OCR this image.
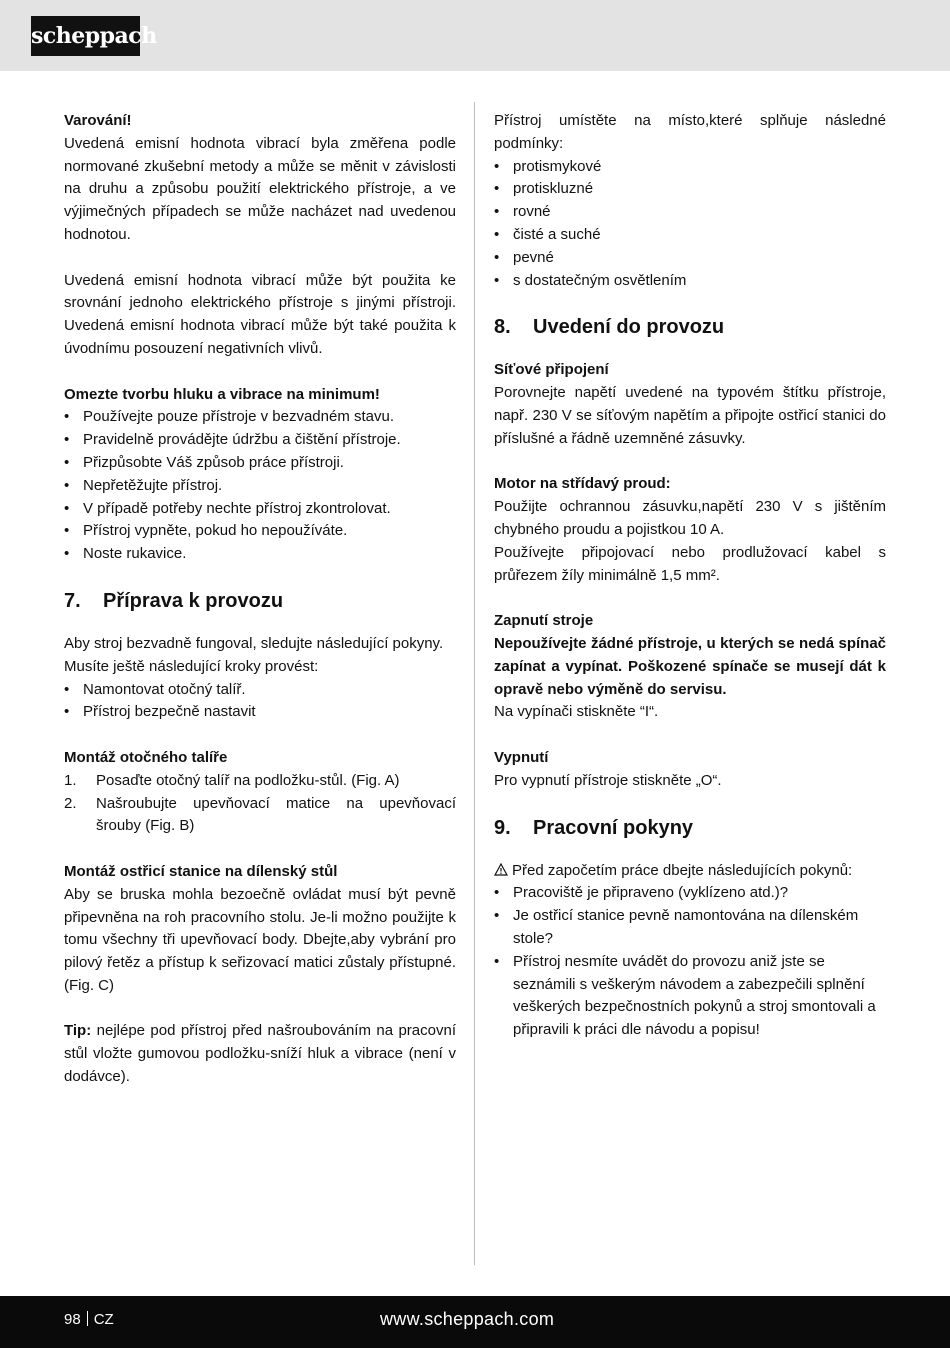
scheppach

Varování!

Uvedená emisní hodnota vibrací byla změřena podle normované zkušební metody a může se měnit v závislosti na druhu a způsobu použití elektrického přístroje, a ve výjimečných případech se může nacházet nad uvedenou hodnotou.

Uvedená emisní hodnota vibrací může být použita ke srovnání jednoho elektrického přístroje s jinými přístroji. Uvedená emisní hodnota vibrací může být také použita k úvodnímu posouzení negativních vlivů.

Omezte tvorbu hluku a vibrace na minimum!

• Používejte pouze přístroje v bezvadném stavu.
• Pravidelně provádějte údržbu a čištění přístroje.
• Přizpůsobte Váš způsob práce přístroji.
• Nepřetěžujte přístroj.
• V případě potřeby nechte přístroj zkontrolovat.
• Přístroj vypněte, pokud ho nepoužíváte.
• Noste rukavice.
7. Příprava k provozu

Aby stroj bezvadně fungoval, sledujte následující pokyny.

Musíte ještě následující kroky provést:

• Namontovat otočný talíř.
• Přístroj bezpečně nastavit

Montáž otočného talíře

1. Posaďte otočný talíř na podložku-stůl. (Fig. A)
2. Našroubujte upevňovací matice na upevňovací šrouby (Fig. B)

Montáž ostřicí stanice na dílenský stůl

Aby se bruska mohla bezoečně ovládat musí být pevně připevněna na roh pracovního stolu. Je-li možno použijte k tomu všechny tři upevňovací body. Dbejte,aby vybrání pro pilový řetěz a přístup k seřizovací matici zůstaly přístupné. (Fig. C)

Tip: nejlépe pod přístroj před našroubováním na pracovní stůl vložte gumovou podložku-sníží hluk a vibrace (není v dodávce).

Přístroj umístěte na místo,které splňuje následné podmínky:

• protismykové
• protiskluzné
• rovné
• čisté a suché
• pevné
• s dostatečným osvětlením
8. Uvedení do provozu

Síťové připojení

Porovnejte napětí uvedené na typovém štítku přístroje, např. 230 V se síťovým napětím a připojte ostřicí stanici do příslušné a řádně uzemněné zásuvky.

Motor na střídavý proud:

Použijte ochrannou zásuvku,napětí 230 V s jištěním chybného proudu a pojistkou 10 A.

Používejte připojovací nebo prodlužovací kabel s průřezem žíly minimálně 1,5 mm².

Zapnutí stroje

Nepoužívejte žádné přístroje, u kterých se nedá spínač zapínat a vypínat. Poškozené spínače se musejí dát k opravě nebo výměně do servisu.

Na vypínači stiskněte “I“.

Vypnutí

Pro vypnutí přístroje stiskněte „O“.

9. Pracovní pokyny

Před započetím práce dbejte následujících pokynů:

• Pracoviště je připraveno (vyklízeno atd.)?
• Je ostřicí stanice pevně namontována na dílenském stole?
• Přístroj nesmíte uvádět do provozu aniž jste se seznámili s veškerým návodem a zabezpečili splnění veškerých bezpečnostních pokynů a stroj smontovali a připravili k práci dle návodu a popisu!
98 CZ	www.scheppach.com
